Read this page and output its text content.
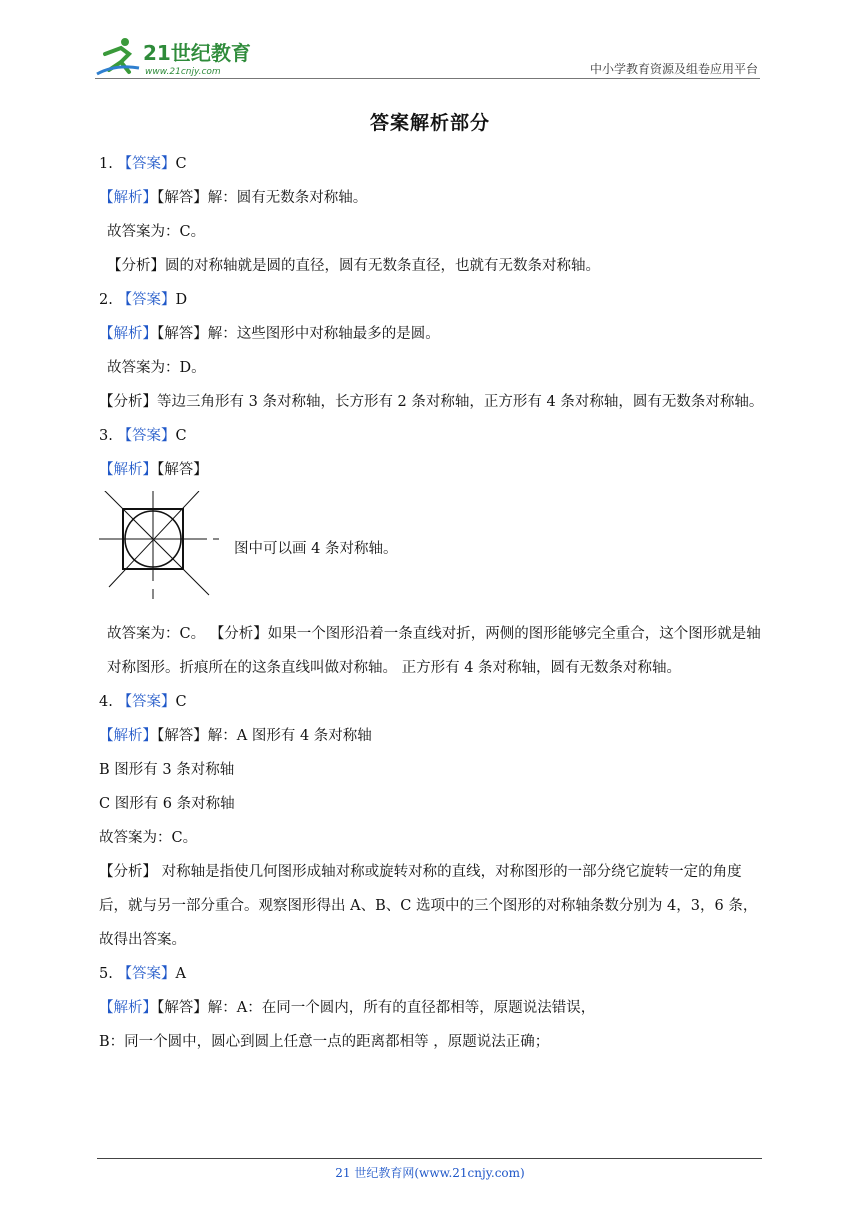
21世纪教育
www.21cnjy.com	中小学教育资源及组卷应用平台
答案解析部分
1. 【答案】C
【解析】【解答】解：圆有无数条对称轴。
故答案为：C。
【分析】圆的对称轴就是圆的直径，圆有无数条直径，也就有无数条对称轴。
2. 【答案】D
【解析】【解答】解：这些图形中对称轴最多的是圆。
故答案为：D。
【分析】等边三角形有 3 条对称轴，长方形有 2 条对称轴，正方形有 4 条对称轴，圆有无数条对称轴。
3. 【答案】C
【解析】【解答】
图中可以画 4 条对称轴。
故答案为：C。 【分析】如果一个图形沿着一条直线对折，两侧的图形能够完全重合，这个图形就是轴对称图形。折痕所在的这条直线叫做对称轴。 正方形有 4 条对称轴，圆有无数条对称轴。
4. 【答案】C
【解析】【解答】解：A 图形有 4 条对称轴
B 图形有 3 条对称轴
C 图形有 6 条对称轴
故答案为：C。
【分析】 对称轴是指使几何图形成轴对称或旋转对称的直线，对称图形的一部分绕它旋转一定的角度后，就与另一部分重合。观察图形得出 A、B、C 选项中的三个图形的对称轴条数分别为 4，3，6 条，故得出答案。
5. 【答案】A
【解析】【解答】解：A：在同一个圆内，所有的直径都相等，原题说法错误，
B：同一个圆中，圆心到圆上任意一点的距离都相等 ，原题说法正确；
21 世纪教育网(www.21cnjy.com)
